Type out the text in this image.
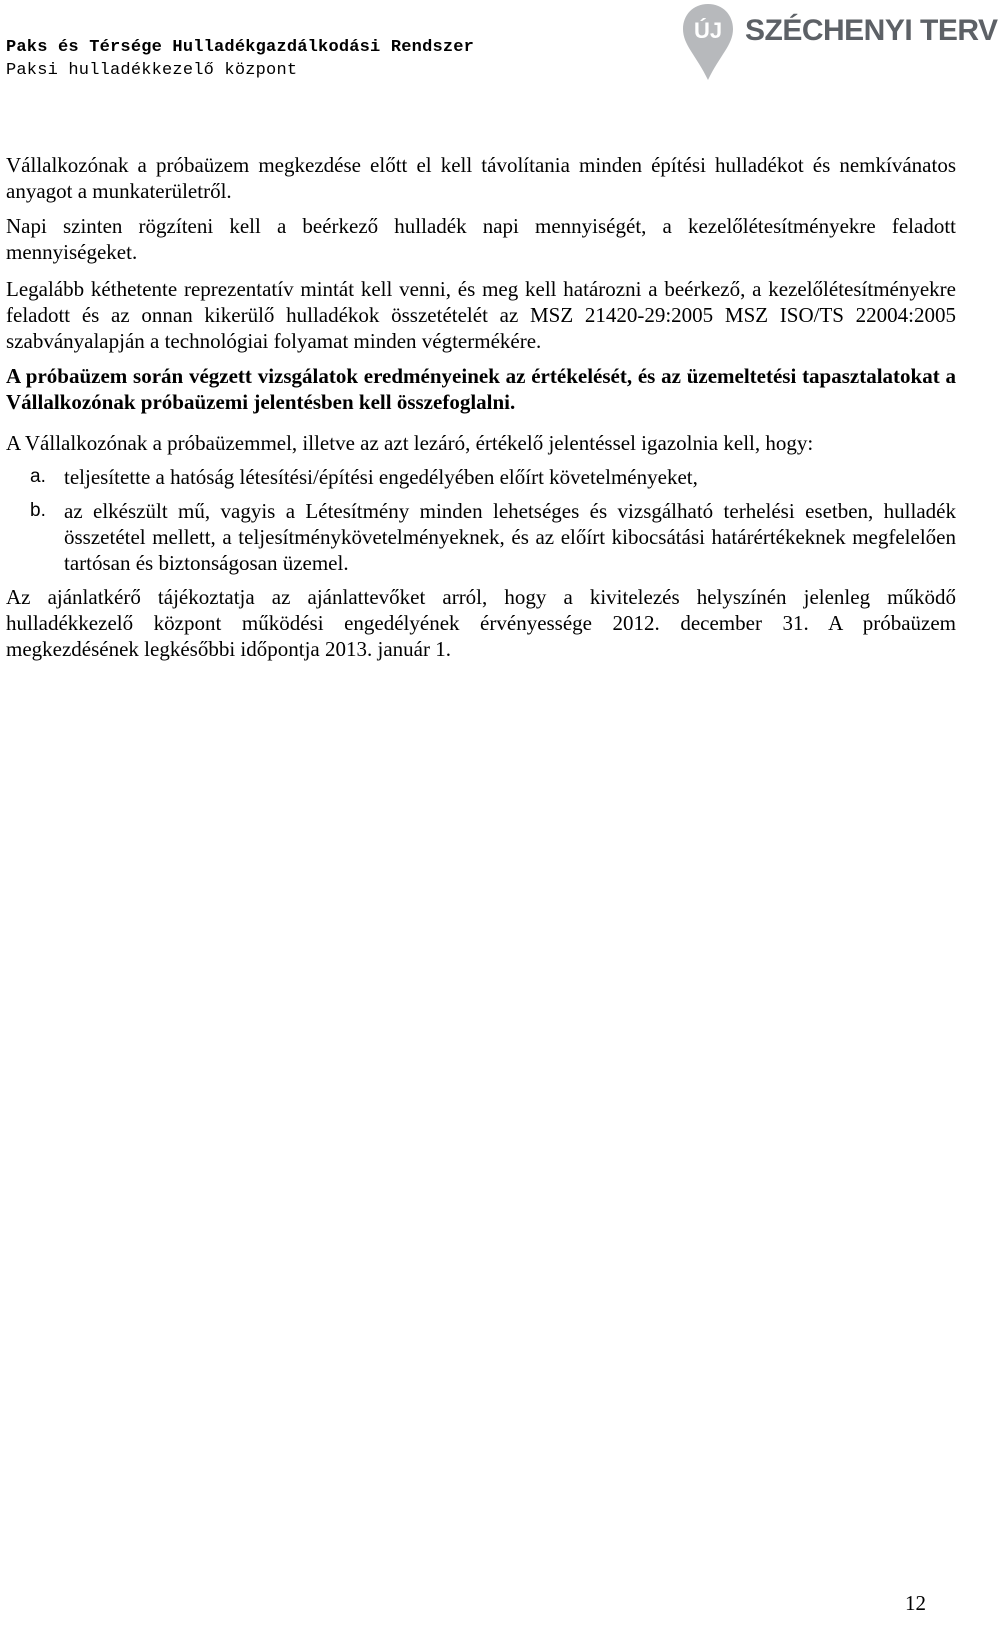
Paks és Térsége Hulladékgazdálkodási Rendszer
Paksi hulladékkezelő központ
ÚJ SZÉCHENYI TERV

Vállalkozónak a próbaüzem megkezdése előtt el kell távolítania minden építési hulladékot és nemkívánatos anyagot a munkaterületről.

Napi szinten rögzíteni kell a beérkező hulladék napi mennyiségét, a kezelőlétesítményekre feladott mennyiségeket.

Legalább kéthetente reprezentatív mintát kell venni, és meg kell határozni a beérkező, a kezelőlétesítményekre feladott és az onnan kikerülő hulladékok összetételét az MSZ 21420-29:2005 MSZ ISO/TS 22004:2005 szabványalapján a technológiai folyamat minden végtermékére.

A próbaüzem során végzett vizsgálatok eredményeinek az értékelését, és az üzemeltetési tapasztalatokat a Vállalkozónak próbaüzemi jelentésben kell összefoglalni.

A Vállalkozónak a próbaüzemmel, illetve az azt lezáró, értékelő jelentéssel igazolnia kell, hogy:

a. teljesítette a hatóság létesítési/építési engedélyében előírt követelményeket,
b. az elkészült mű, vagyis a Létesítmény minden lehetséges és vizsgálható terhelési esetben, hulladék összetétel mellett, a teljesítménykövetelményeknek, és az előírt kibocsátási határértékeknek megfelelően tartósan és biztonságosan üzemel.

Az ajánlatkérő tájékoztatja az ajánlattevőket arról, hogy a kivitelezés helyszínén jelenleg működő hulladékkezelő központ működési engedélyének érvényessége 2012. december 31. A próbaüzem megkezdésének legkésőbbi időpontja 2013. január 1.

12
